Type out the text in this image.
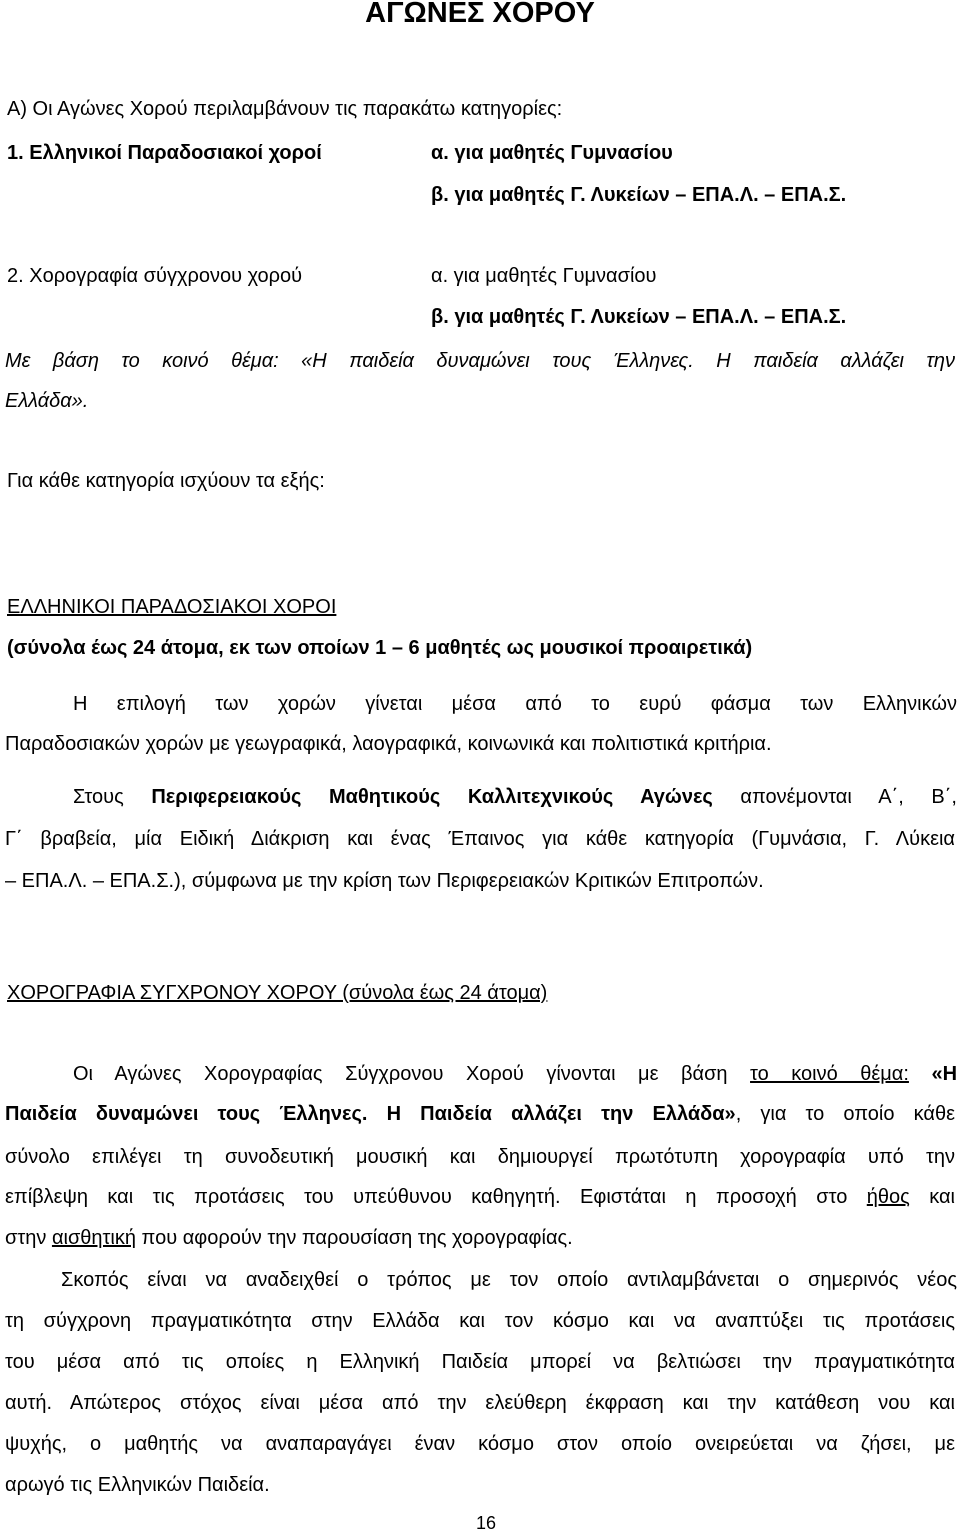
ΑΓΩΝΕΣ ΧΟΡΟΥ
Α) Οι Αγώνες Χορού περιλαμβάνουν τις παρακάτω κατηγορίες:
1. Ελληνικοί Παραδοσιακοί χοροί	α. για μαθητές Γυμνασίου
β. για μαθητές Γ. Λυκείων – ΕΠΑ.Λ. – ΕΠΑ.Σ.
2. Χορογραφία σύγχρονου χορού	α. για μαθητές Γυμνασίου
β. για μαθητές Γ. Λυκείων – ΕΠΑ.Λ. – ΕΠΑ.Σ.
Με βάση το κοινό θέμα: «Η παιδεία δυναμώνει τους Έλληνες. Η παιδεία αλλάζει την
Ελλάδα».
Για κάθε κατηγορία ισχύουν τα εξής:
ΕΛΛΗΝΙΚΟΙ ΠΑΡΑΔΟΣΙΑΚΟΙ ΧΟΡΟΙ
(σύνολα έως 24 άτομα, εκ των οποίων 1 – 6 μαθητές ως μουσικοί προαιρετικά)
Η επιλογή των χορών γίνεται μέσα από το ευρύ φάσμα των Ελληνικών
Παραδοσιακών χορών με γεωγραφικά, λαογραφικά, κοινωνικά και πολιτιστικά κριτήρια.
Στους Περιφερειακούς Μαθητικούς Καλλιτεχνικούς Αγώνες απονέμονται Α΄, Β΄,
Γ΄ βραβεία, μία Ειδική Διάκριση και ένας Έπαινος για κάθε κατηγορία (Γυμνάσια, Γ. Λύκεια
– ΕΠΑ.Λ. – ΕΠΑ.Σ.), σύμφωνα με την κρίση των Περιφερειακών Κριτικών Επιτροπών.
ΧΟΡΟΓΡΑΦΙΑ ΣΥΓΧΡΟΝΟΥ ΧΟΡΟΥ (σύνολα έως 24 άτομα)
Οι Αγώνες Χορογραφίας Σύγχρονου Χορού γίνονται με βάση το κοινό θέμα: «Η
Παιδεία δυναμώνει τους Έλληνες. Η Παιδεία αλλάζει την Ελλάδα», για το οποίο κάθε
σύνολο επιλέγει τη συνοδευτική μουσική και δημιουργεί πρωτότυπη χορογραφία υπό την
επίβλεψη και τις προτάσεις του υπεύθυνου καθηγητή. Εφιστάται η προσοχή στο ήθος και
στην αισθητική που αφορούν την παρουσίαση της χορογραφίας.
Σκοπός είναι να αναδειχθεί ο τρόπος με τον οποίο αντιλαμβάνεται ο σημερινός νέος
τη σύγχρονη πραγματικότητα στην Ελλάδα και τον κόσμο και να αναπτύξει τις προτάσεις
του μέσα από τις οποίες η Ελληνική Παιδεία μπορεί να βελτιώσει την πραγματικότητα
αυτή. Απώτερος στόχος είναι μέσα από την ελεύθερη έκφραση και την κατάθεση νου και
ψυχής, ο μαθητής να αναπαραγάγει έναν κόσμο στον οποίο ονειρεύεται να ζήσει, με
αρωγό τις Ελληνικών Παιδεία.
16
